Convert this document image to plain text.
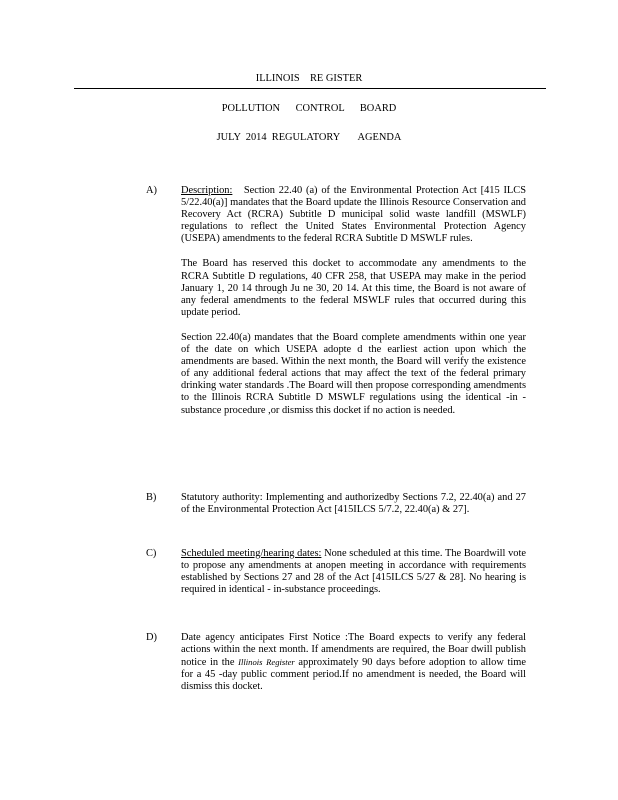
ILLINOIS    RE GISTER
POLLUTION      CONTROL      BOARD
JULY  2014  REGULATORY       AGENDA
A) Description: Section 22.40 (a) of the Environmental Protection Act [415 ILCS 5/22.40(a)] mandates that the Board update the Illinois Resource Conservation and Recovery Act (RCRA) Subtitle D municipal solid waste landfill (MSWLF) regulations to reflect the United States Environmental Protection Agency (USEPA) amendments to the federal RCRA Subtitle D MSWLF rules.

The Board has reserved this docket to accommodate any amendments to the RCRA Subtitle D regulations, 40 CFR 258, that USEPA may make in the period January 1, 20 14 through Ju ne 30, 20 14. At this time, the Board is not aware of any federal amendments to the federal MSWLF rules that occurred during this update period.

Section 22.40(a) mandates that the Board complete amendments within one year of the date on which USEPA adopte d the earliest action upon which the amendments are based. Within the next month, the Board will verify the existence of any additional federal actions that may affect the text of the federal primary drinking water standards .The Board will then propose corresponding amendments to the Illinois RCRA Subtitle D MSWLF regulations using the identical -in -substance procedure ,or dismiss this docket if no action is needed.

B) Statutory authority: Implementing and authorizedby Sections 7.2, 22.40(a) and 27 of the Environmental Protection Act [415ILCS 5/7.2, 22.40(a) & 27].

C) Scheduled meeting/hearing dates: None scheduled at this time. The Boardwill vote to propose any amendments at anopen meeting in accordance with requirements established by Sections 27 and 28 of the Act [415ILCS 5/27 & 28]. No hearing is required in identical - in-substance proceedings.

D) Date agency anticipates First Notice :The Board expects to verify any federal actions within the next month. If amendments are required, the Boar dwill publish notice in the Illinois Register approximately 90 days before adoption to allow time for a 45 -day public comment period.If no amendment is needed, the Board will dismiss this docket.
